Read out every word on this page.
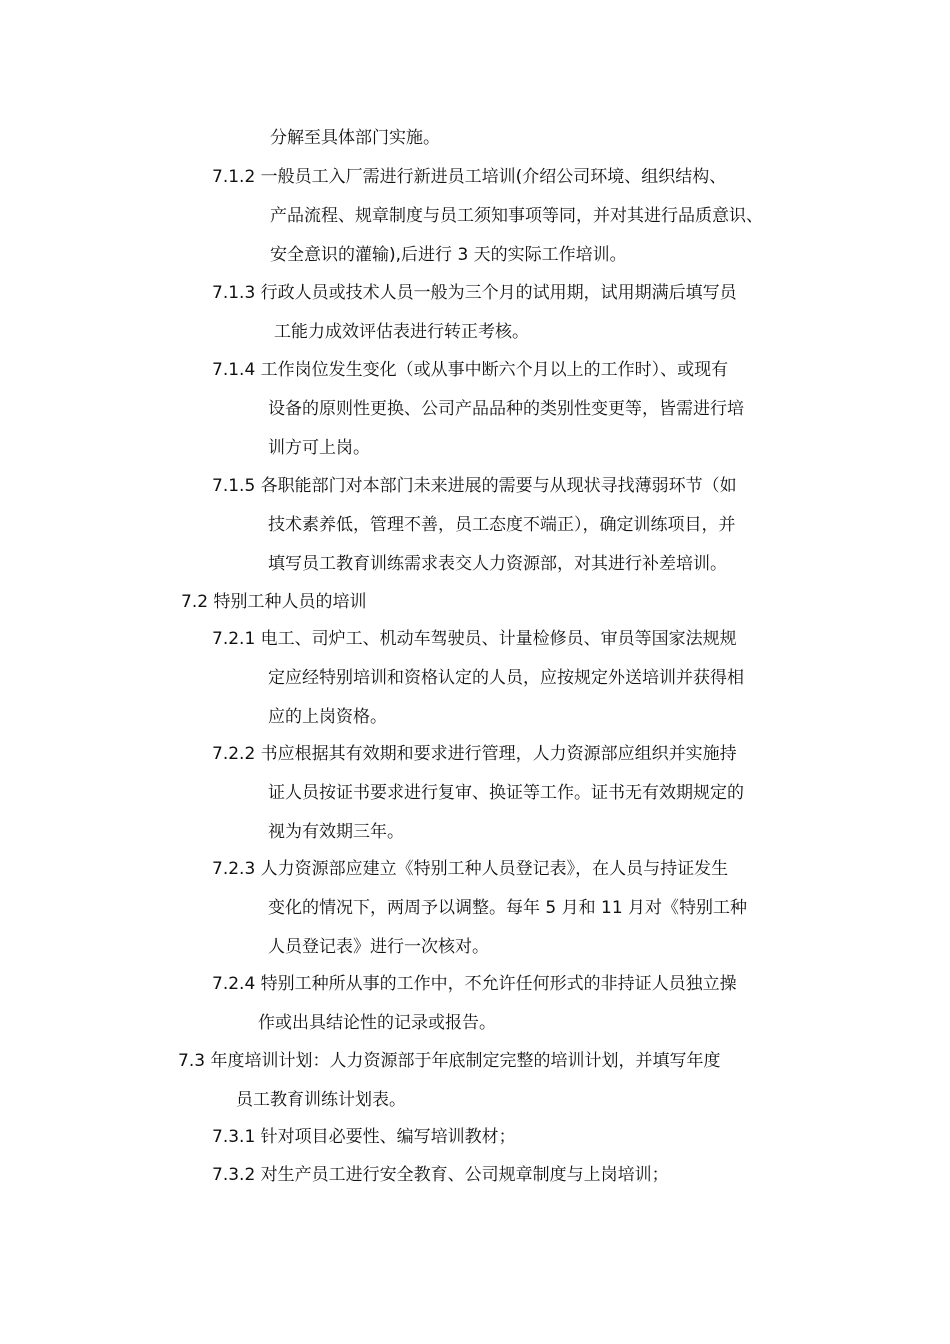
分解至具体部门实施。
7.1.2 一般员工入厂需进行新进员工培训(介绍公司环境、组织结构、
产品流程、规章制度与员工须知事项等同，并对其进行品质意识、
安全意识的灌输),后进行 3 天的实际工作培训。
7.1.3 行政人员或技术人员一般为三个月的试用期，试用期满后填写员
工能力成效评估表进行转正考核。
7.1.4 工作岗位发生变化（或从事中断六个月以上的工作时）、或现有
设备的原则性更换、公司产品品种的类别性变更等，皆需进行培
训方可上岗。
7.1.5 各职能部门对本部门未来进展的需要与从现状寻找薄弱环节（如
技术素养低，管理不善，员工态度不端正），确定训练项目，并
填写员工教育训练需求表交人力资源部，对其进行补差培训。
7.2 特别工种人员的培训
7.2.1 电工、司炉工、机动车驾驶员、计量检修员、审员等国家法规规
定应经特别培训和资格认定的人员，应按规定外送培训并获得相
应的上岗资格。
7.2.2 书应根据其有效期和要求进行管理，人力资源部应组织并实施持
证人员按证书要求进行复审、换证等工作。证书无有效期规定的
视为有效期三年。
7.2.3 人力资源部应建立《特别工种人员登记表》，在人员与持证发生
变化的情况下，两周予以调整。每年 5 月和 11 月对《特别工种
人员登记表》进行一次核对。
7.2.4 特别工种所从事的工作中，不允许任何形式的非持证人员独立操
作或出具结论性的记录或报告。
7.3 年度培训计划：人力资源部于年底制定完整的培训计划，并填写年度
员工教育训练计划表。
7.3.1 针对项目必要性、编写培训教材；
7.3.2 对生产员工进行安全教育、公司规章制度与上岗培训；
